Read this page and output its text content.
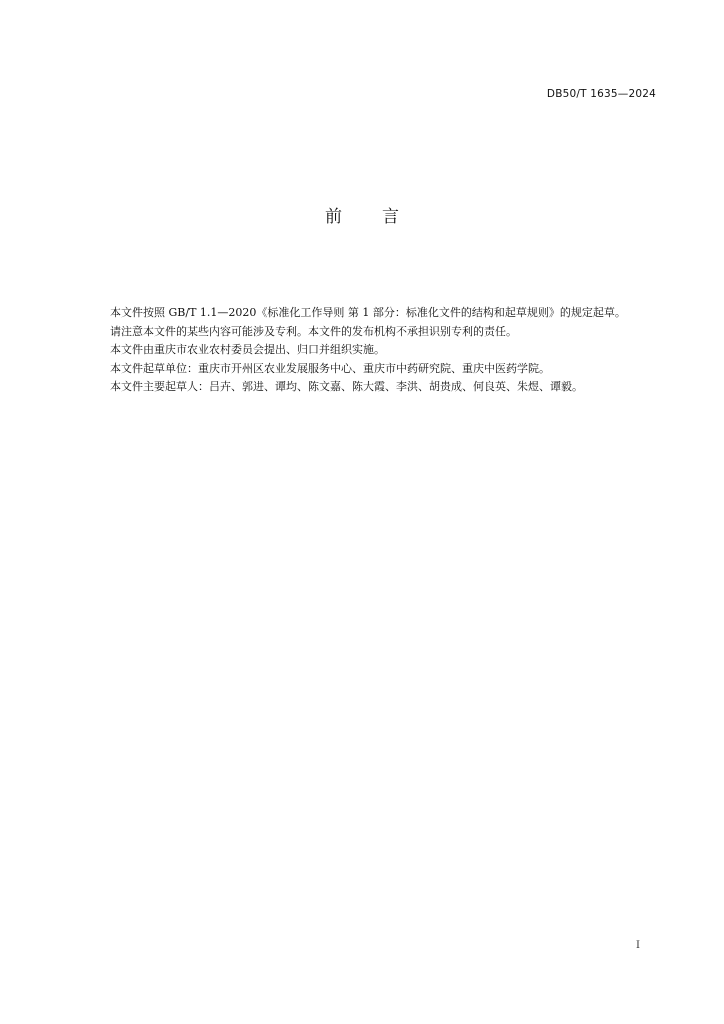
DB50/T 1635—2024
前 言

本文件按照 GB/T 1.1—2020《标准化工作导则 第 1 部分：标准化文件的结构和起草规则》的规定起草。

请注意本文件的某些内容可能涉及专利。本文件的发布机构不承担识别专利的责任。

本文件由重庆市农业农村委员会提出、归口并组织实施。

本文件起草单位：重庆市开州区农业发展服务中心、重庆市中药研究院、重庆中医药学院。

本文件主要起草人：吕卉、郭进、谭均、陈文嘉、陈大霞、李洪、胡贵成、何良英、朱煜、谭毅。

I
